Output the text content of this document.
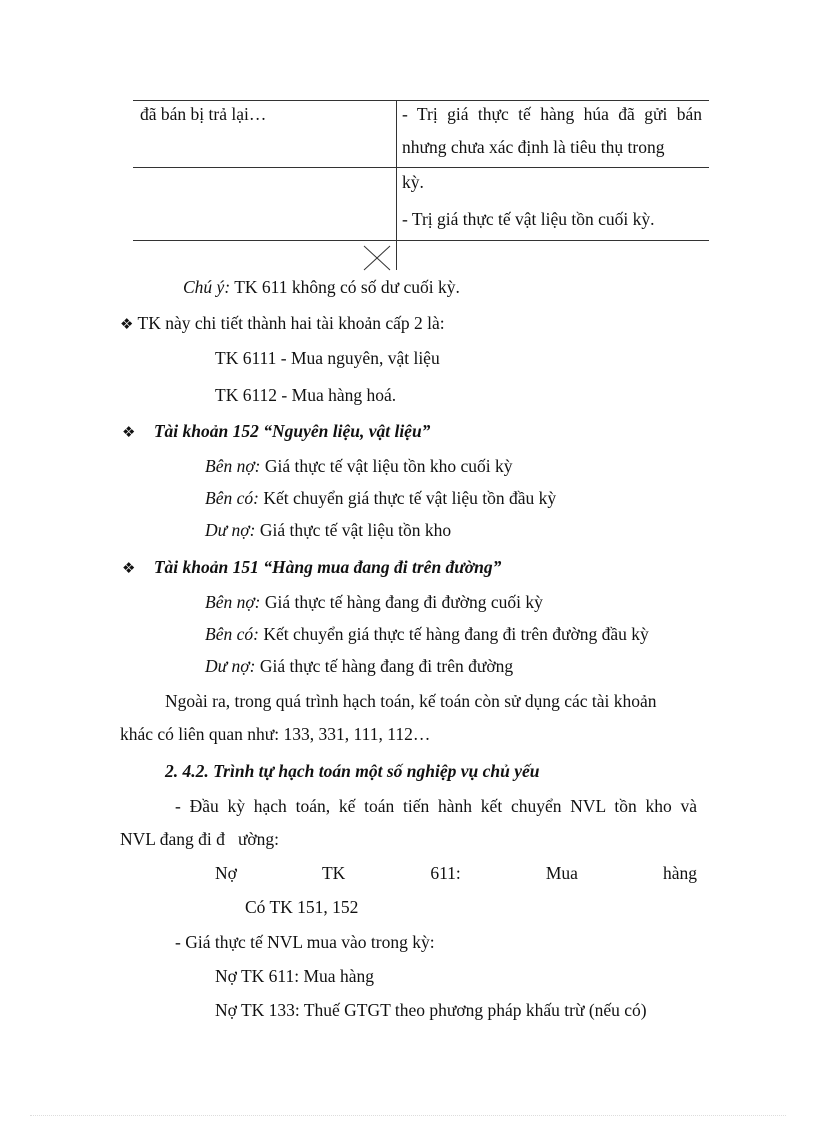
đã bán bị trả lại…	- Trị giá thực tế hàng húa đã gửi bán
nhưng chưa xác định là tiêu thụ trong
kỳ.
- Trị giá thực tế vật liệu tồn cuối kỳ.
Chú ý: TK 611 không có số dư cuối kỳ.
❖ TK này chi tiết thành hai tài khoản cấp 2 là:
TK 6111 - Mua nguyên, vật liệu
TK 6112 - Mua hàng hoá.
❖ Tài khoản 152 “Nguyên liệu, vật liệu”
Bên nợ: Giá thực tế vật liệu tồn kho cuối kỳ
Bên có: Kết chuyển giá thực tế vật liệu tồn đầu kỳ
Dư nợ: Giá thực tế vật liệu tồn kho
❖ Tài khoản 151 “Hàng mua đang đi trên đường”
Bên nợ: Giá thực tế hàng đang đi đường cuối kỳ
Bên có: Kết chuyển giá thực tế hàng đang đi trên đường đầu kỳ
Dư nợ: Giá thực tế hàng đang đi trên đường
Ngoài ra, trong quá trình hạch toán, kế toán còn sử dụng các tài khoản
khác có liên quan như: 133, 331, 111, 112…
2. 4.2. Trình tự hạch toán một số nghiệp vụ chủ yếu
- Đầu kỳ hạch toán, kế toán tiến hành kết chuyển NVL tồn kho và
NVL đang đi đ   ường:
Nợ	TK	611:	Mua	hàng
Có TK 151, 152
- Giá thực tế NVL mua vào trong kỳ:
Nợ TK 611: Mua hàng
Nợ TK 133: Thuế GTGT theo phương pháp khấu trừ (nếu có)
